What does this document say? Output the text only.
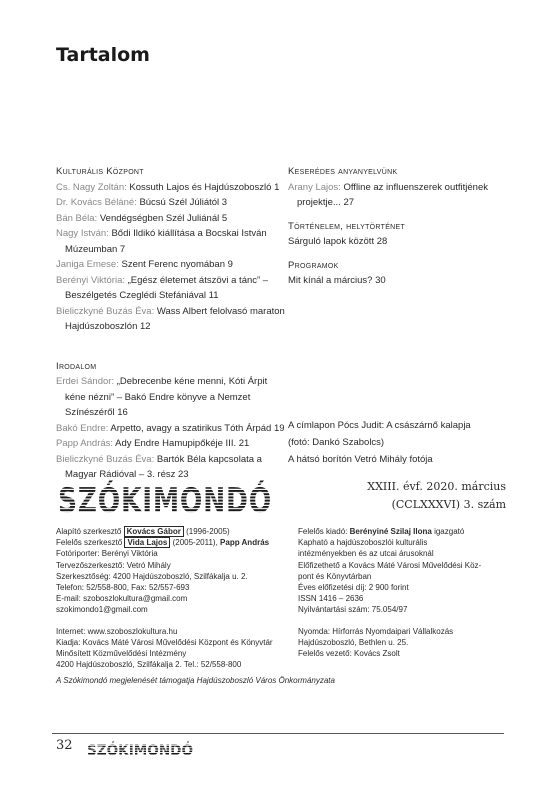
Tartalom
Kulturális Központ
Cs. Nagy Zoltán: Kossuth Lajos és Hajdúszoboszló 1
Dr. Kovács Béláné: Búcsú Szél Júliától 3
Bán Béla: Vendégségben Szél Juliánál 5
Nagy István: Bődi Ildikó kiállítása a Bocskai István Múzeumban 7
Janiga Emese: Szent Ferenc nyomában 9
Berényi Viktória: „Egész életemet átszövi a tánc” – Beszélgetés Czeglédi Stefániával 11
Bieliczkyné Buzás Éva: Wass Albert felolvasó maraton Hajdúszoboszlón 12
Irodalom
Erdei Sándor: „Debrecenbe kéne menni, Kóti Árpit kéne nézni” – Bakó Endre könyve a Nemzet Színészéről 16
Bakó Endre: Arpetto, avagy a szatirikus Tóth Árpád 19
Papp András: Ady Endre Hamupipőkéje III. 21
Bieliczkyné Buzás Éva: Bartók Béla kapcsolata a Magyar Rádióval – 3. rész 23
Keserédes anyanyelvünk
Arany Lajos: Offline az influenszerek outfitjének projektje... 27
Történelem, helytörténet
Sárguló lapok között 28
Programok
Mit kínál a március? 30
A címlapon Pócs Judit: A császárnő kalapja
(fotó: Dankó Szabolcs)
A hátsó borítón Vetró Mihály fotója
SZÓKIMONDÓ	XXIII. évf. 2020. március
(CCLXXXVI) 3. szám
Alapító szerkesztő Kovács Gábor (1996-2005)
Felelős szerkesztő Vida Lajos (2005-2011), Papp András
Fotóriporter: Berényi Viktória
Tervezőszerkesztő: Vetró Mihály
Szerkesztőség: 4200 Hajdúszoboszló, Szilfákalja u. 2.
Telefon: 52/558-800, Fax: 52/557-693
E-mail: szoboszlokultura@gmail.com
szokimondo1@gmail.com
Internet: www.szoboszlokultura.hu
Kiadja: Kovács Máté Városi Művelődési Központ és Könyvtár
Minősített Közművelődési Intézmény
4200 Hajdúszoboszló, Szilfákalja 2. Tel.: 52/558-800
Felelős kiadó: Berényiné Szilaj Ilona igazgató
Kapható a hajdúszoboszlói kulturális
intézményekben és az utcai árusoknál
Előfizethető a Kovács Máté Városi Művelődési Köz-
pont és Könyvtárban
Éves előfizetési díj: 2 900 forint
ISSN 1416 – 2636
Nyilvántartási szám: 75.054/97
Nyomda: Hírforrás Nyomdaipari Vállalkozás
Hajdúszoboszló, Bethlen u. 25.
Felelős vezető: Kovács Zsolt
A Szókimondó megjelenését támogatja Hajdúszoboszló Város Önkormányzata
32 SZÓKIMONDÓ
